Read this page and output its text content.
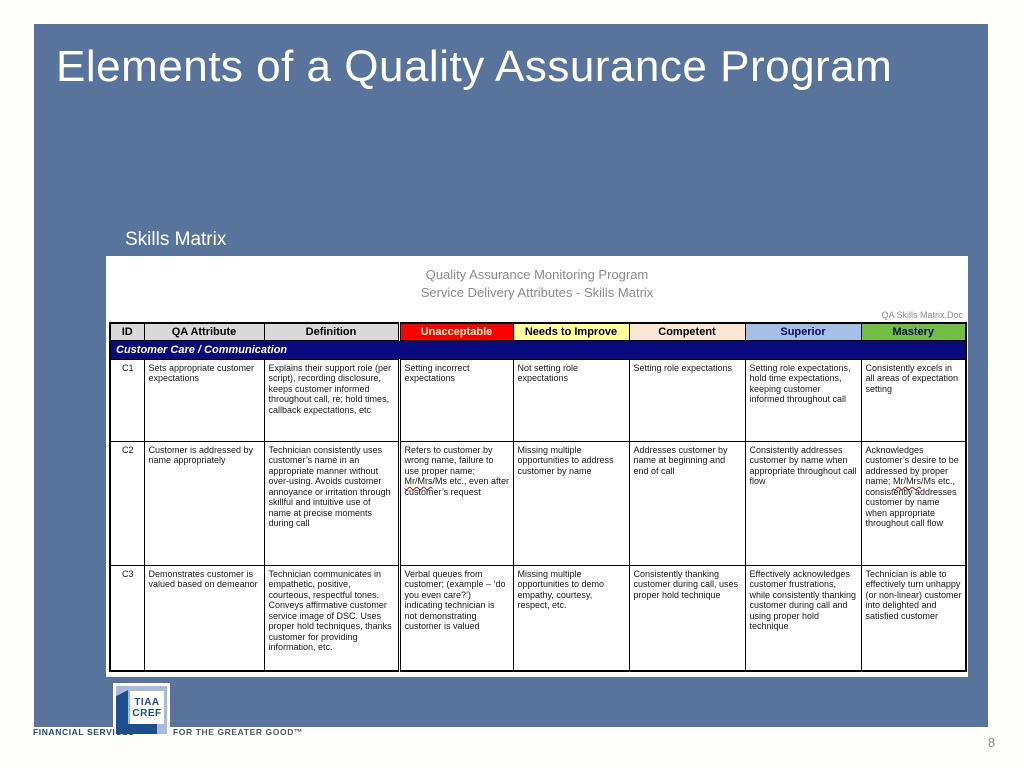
Elements of a Quality Assurance Program
Skills Matrix
Quality Assurance Monitoring Program
Service Delivery Attributes - Skills Matrix
QA Skills Matrix.Doc
ID	QA Attribute	Definition	Unacceptable	Needs to Improve	Competent	Superior	Mastery
Customer Care / Communication							
C1	Sets appropriate customer expectations	Explains their support role (per script), recording disclosure, keeps customer informed throughout call, re; hold times, callback expectations, etc	Setting incorrect expectations	Not setting role expectations	Setting role expectations	Setting role expectations, hold time expectations, keeping customer informed throughout call	Consistently excels in all areas of expectation setting
C2	Customer is addressed by name appropriately	Technician consistently uses customer’s name in an appropriate manner without over-using. Avoids customer annoyance or irritation through skillful and intuitive use of name at precise moments during call	Refers to customer by wrong name, failure to use proper name; Mr/Mrs/Ms etc., even after customer’s request	Missing multiple opportunities to address customer by name	Addresses customer by name at beginning and end of call	Consistently addresses customer by name when appropriate throughout call flow	Acknowledges customer’s desire to be addressed by proper name; Mr/Mrs/Ms etc., consistently addresses customer by name when appropriate throughout call flow
C3	Demonstrates customer is valued based on demeanor	Technician communicates in empathetic, positive, courteous, respectful tones. Conveys affirmative customer service image of DSC. Uses proper hold techniques, thanks customer for providing information, etc.	Verbal queues from customer; (example – ‘do you even care?’) indicating technician is not demonstrating customer is valued	Missing multiple opportunities to demo empathy, courtesy, respect, etc.	Consistently thanking customer during call, uses proper hold technique	Effectively acknowledges customer frustrations, while consistently thanking customer during call and using proper hold technique	Technician is able to effectively turn unhappy (or non-linear) customer into delighted and satisfied customer
TIAA
CREF
FINANCIAL SERVICES	FOR THE GREATER GOOD™
8
